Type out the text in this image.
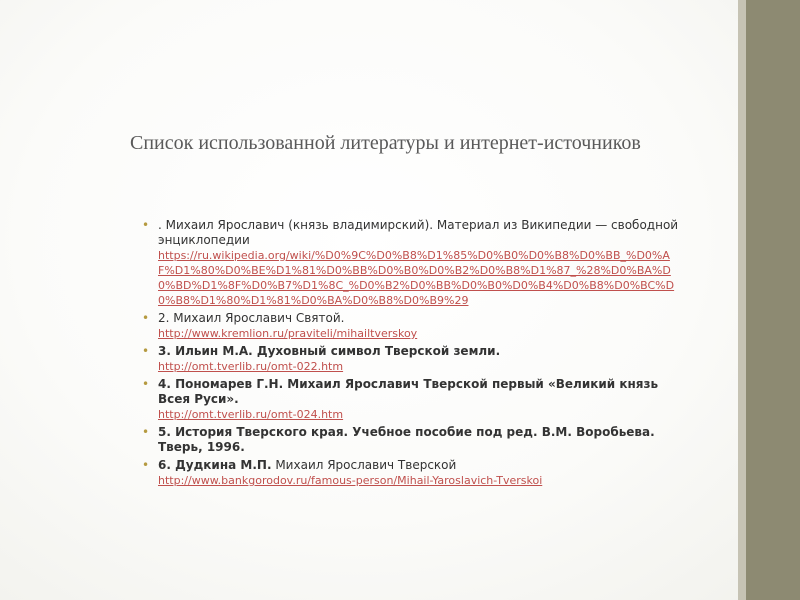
Список использованной литературы и интернет-источников
• . Михаил Ярославич (князь владимирский). Материал из Википедии — свободной энциклопедии
https://ru.wikipedia.org/wiki/%D0%9C%D0%B8%D1%85%D0%B0%D0%B8%D0%BB_%D0%AF%D1%80%D0%BE%D1%81%D0%BB%D0%B0%D0%B2%D0%B8%D1%87_%28%D0%BA%D0%BD%D1%8F%D0%B7%D1%8C_%D0%B2%D0%BB%D0%B0%D0%B4%D0%B8%D0%BC%D0%B8%D1%80%D1%81%D0%BA%D0%B8%D0%B9%29
• 2. Михаил Ярославич Святой.
http://www.kremlion.ru/praviteli/mihailtverskoy
• 3. Ильин М.А. Духовный символ Тверской земли.
http://omt.tverlib.ru/omt-022.htm
• 4. Пономарев Г.Н. Михаил Ярославич Тверской первый «Великий князь Всея Руси».
http://omt.tverlib.ru/omt-024.htm
• 5. История Тверского края. Учебное пособие под ред. В.М. Воробьева. Тверь, 1996.
• 6. Дудкина М.П. Михаил Ярославич Тверской
http://www.bankgorodov.ru/famous-person/Mihail-Yaroslavich-Tverskoi
